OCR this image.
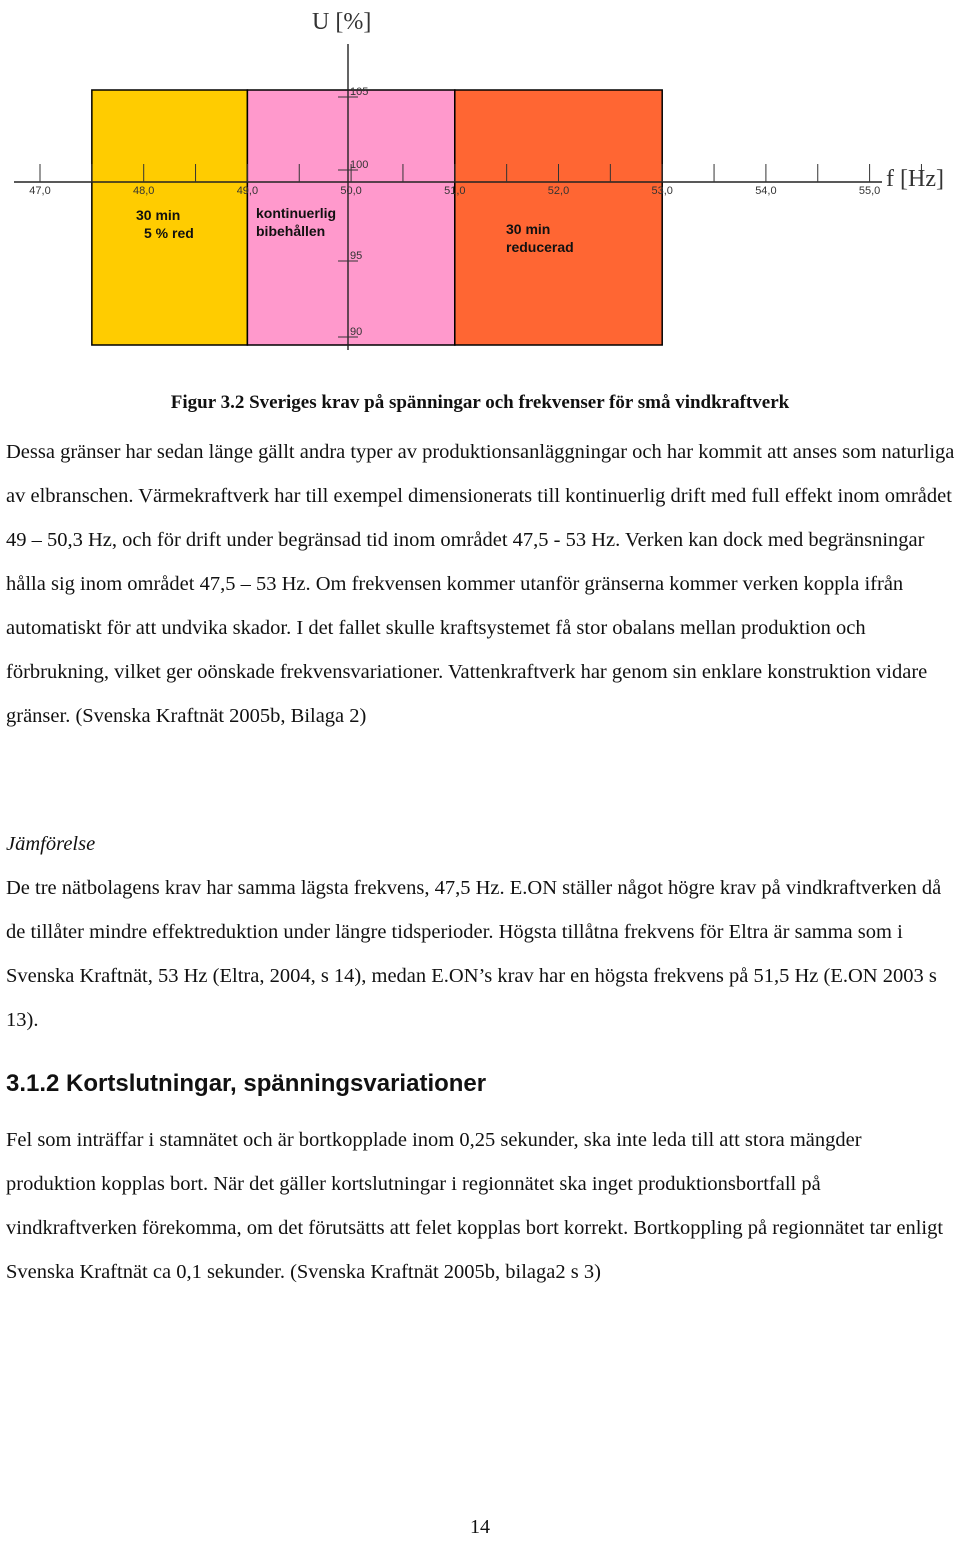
47,0	48,0	49,0	50,0	51,0	52,0	53,0	54,0	55,0
105
100
95
90
U [%]
f [Hz]
30 min
5 % red
kontinuerlig
bibehållen	30 min
reducerad
Figur 3.2 Sveriges krav på spänningar och frekvenser för små vindkraftverk

Dessa gränser har sedan länge gällt andra typer av produktionsanläggningar och har kommit att anses som naturliga av elbranschen. Värmekraftverk har till exempel dimensionerats till kontinuerlig drift med full effekt inom området 49 – 50,3 Hz, och för drift under begränsad tid inom området 47,5 - 53 Hz. Verken kan dock med begränsningar hålla sig inom området 47,5 – 53 Hz. Om frekvensen kommer utanför gränserna kommer verken koppla ifrån automatiskt för att undvika skador. I det fallet skulle kraftsystemet få stor obalans mellan produktion och förbrukning, vilket ger oönskade frekvensvariationer. Vattenkraftverk har genom sin enklare konstruktion vidare gränser. (Svenska Kraftnät 2005b, Bilaga 2)

Jämförelse

De tre nätbolagens krav har samma lägsta frekvens, 47,5 Hz. E.ON ställer något högre krav på vindkraftverken då de tillåter mindre effektreduktion under längre tidsperioder. Högsta tillåtna frekvens för Eltra är samma som i Svenska Kraftnät, 53 Hz (Eltra, 2004, s 14), medan E.ON’s krav har en högsta frekvens på 51,5 Hz (E.ON 2003 s 13).

3.1.2 Kortslutningar, spänningsvariationer

Fel som inträffar i stamnätet och är bortkopplade inom 0,25 sekunder, ska inte leda till att stora mängder produktion kopplas bort. När det gäller kortslutningar i regionnätet ska inget produktionsbortfall på vindkraftverken förekomma, om det förutsätts att felet kopplas bort korrekt. Bortkoppling på regionnätet tar enligt Svenska Kraftnät ca 0,1 sekunder. (Svenska Kraftnät 2005b, bilaga2 s 3)

14
